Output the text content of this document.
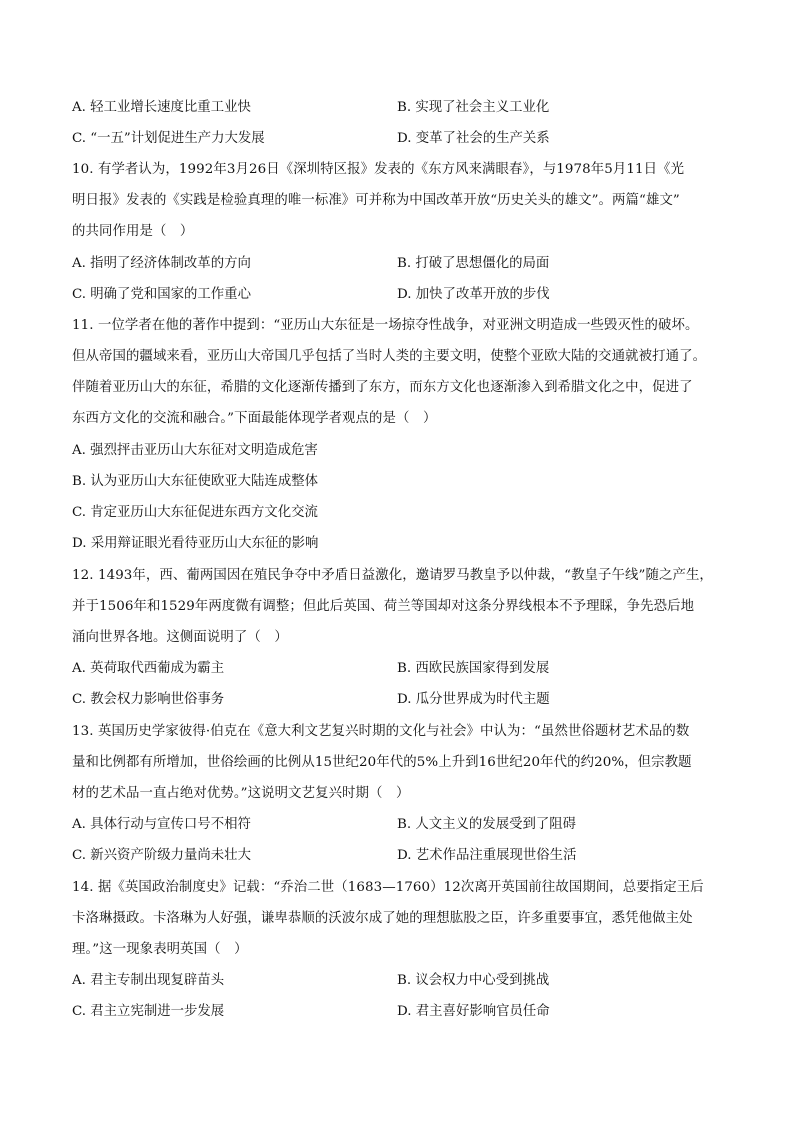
A. 轻工业增长速度比重工业快	B. 实现了社会主义工业化
C. “一五”计划促进生产力大发展	D. 变革了社会的生产关系
10. 有学者认为，1992年3月26日《深圳特区报》发表的《东方风来满眼春》，与1978年5月11日《光
明日报》发表的《实践是检验真理的唯一标准》可并称为中国改革开放“历史关头的雄文”。两篇“雄文”
的共同作用是（　）
A. 指明了经济体制改革的方向	B. 打破了思想僵化的局面
C. 明确了党和国家的工作重心	D. 加快了改革开放的步伐
11. 一位学者在他的著作中提到：“亚历山大东征是一场掠夺性战争，对亚洲文明造成一些毁灭性的破坏。
但从帝国的疆域来看，亚历山大帝国几乎包括了当时人类的主要文明，使整个亚欧大陆的交通就被打通了。
伴随着亚历山大的东征，希腊的文化逐渐传播到了东方，而东方文化也逐渐渗入到希腊文化之中，促进了
东西方文化的交流和融合。”下面最能体现学者观点的是（　）
A. 强烈抨击亚历山大东征对文明造成危害
B. 认为亚历山大东征使欧亚大陆连成整体
C. 肯定亚历山大东征促进东西方文化交流
D. 采用辩证眼光看待亚历山大东征的影响
12. 1493年，西、葡两国因在殖民争夺中矛盾日益激化，邀请罗马教皇予以仲裁，“教皇子午线”随之产生，
并于1506年和1529年两度微有调整；但此后英国、荷兰等国却对这条分界线根本不予理睬，争先恐后地
涌向世界各地。这侧面说明了（　）
A. 英荷取代西葡成为霸主	B. 西欧民族国家得到发展
C. 教会权力影响世俗事务	D. 瓜分世界成为时代主题
13. 英国历史学家彼得·伯克在《意大利文艺复兴时期的文化与社会》中认为：“虽然世俗题材艺术品的数
量和比例都有所增加，世俗绘画的比例从15世纪20年代的5%上升到16世纪20年代的约20%，但宗教题
材的艺术品一直占绝对优势。”这说明文艺复兴时期（　）
A. 具体行动与宣传口号不相符	B. 人文主义的发展受到了阻碍
C. 新兴资产阶级力量尚未壮大	D. 艺术作品注重展现世俗生活
14. 据《英国政治制度史》记载：“乔治二世（1683—1760）12次离开英国前往故国期间，总要指定王后
卡洛琳摄政。卡洛琳为人好强，谦卑恭顺的沃波尔成了她的理想肱股之臣，许多重要事宜，悉凭他做主处
理。”这一现象表明英国（　）
A. 君主专制出现复辟苗头	B. 议会权力中心受到挑战
C. 君主立宪制进一步发展	D. 君主喜好影响官员任命
